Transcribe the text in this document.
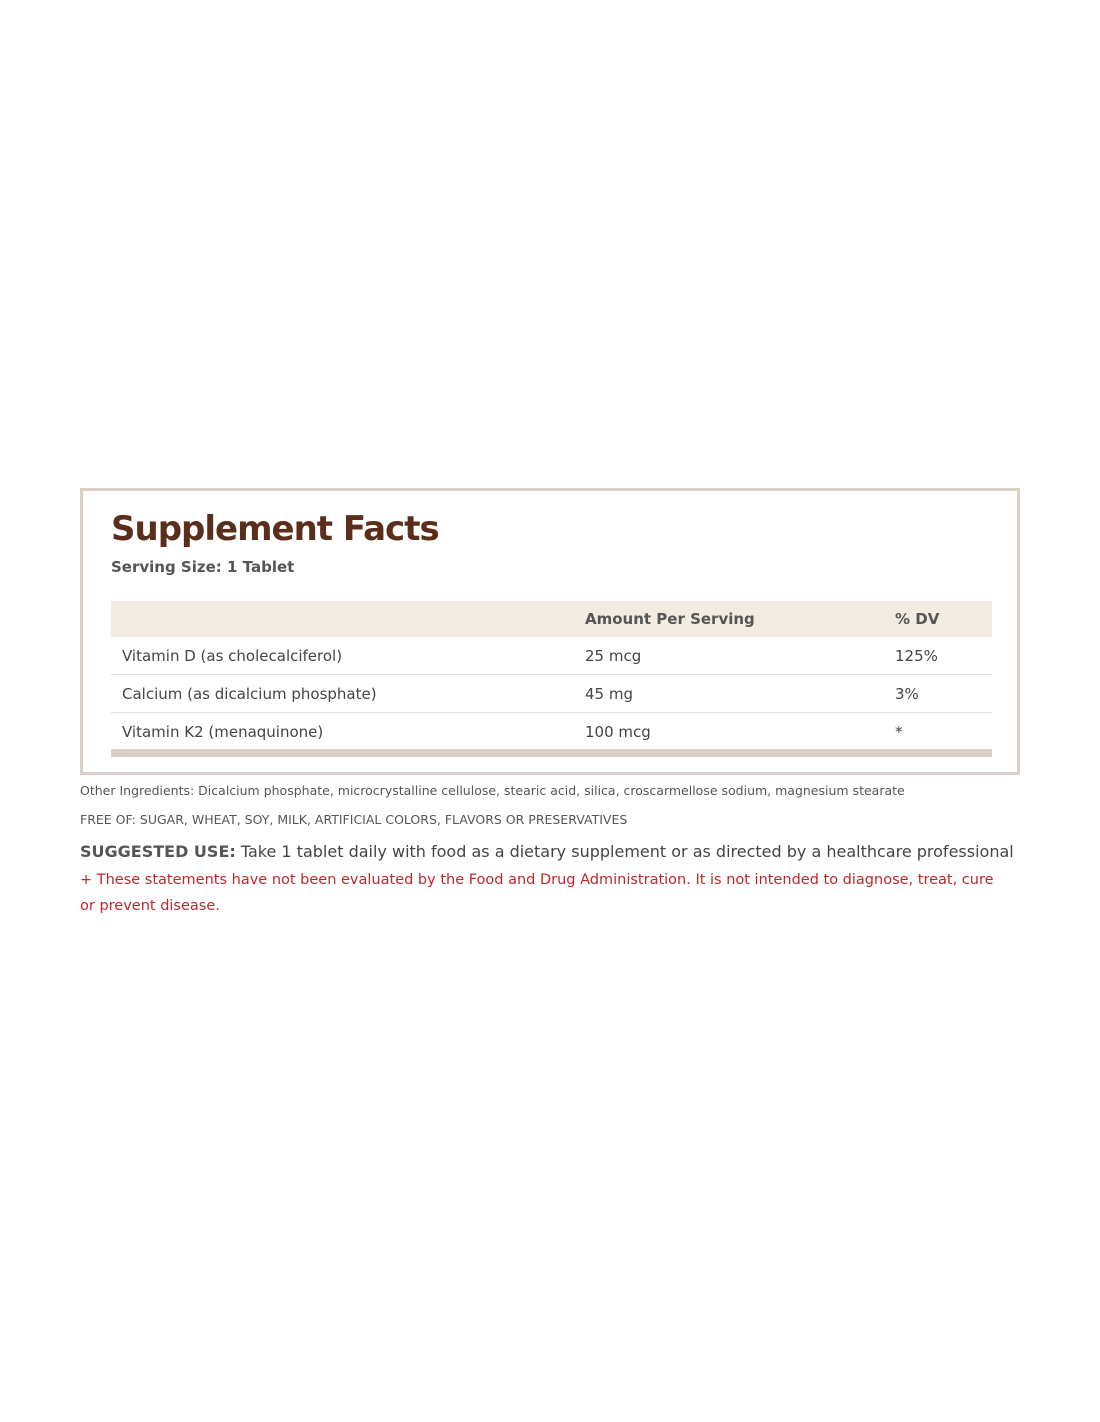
Supplement Facts
Serving Size: 1 Tablet
	Amount Per Serving	% DV
Vitamin D (as cholecalciferol)	25 mcg	125%
Calcium (as dicalcium phosphate)	45 mg	3%
Vitamin K2 (menaquinone)	100 mcg	*
Other Ingredients: Dicalcium phosphate, microcrystalline cellulose, stearic acid, silica, croscarmellose sodium, magnesium stearate
FREE OF: SUGAR, WHEAT, SOY, MILK, ARTIFICIAL COLORS, FLAVORS OR PRESERVATIVES
SUGGESTED USE: Take 1 tablet daily with food as a dietary supplement or as directed by a healthcare professional
+ These statements have not been evaluated by the Food and Drug Administration. It is not intended to diagnose, treat, cure or prevent disease.
